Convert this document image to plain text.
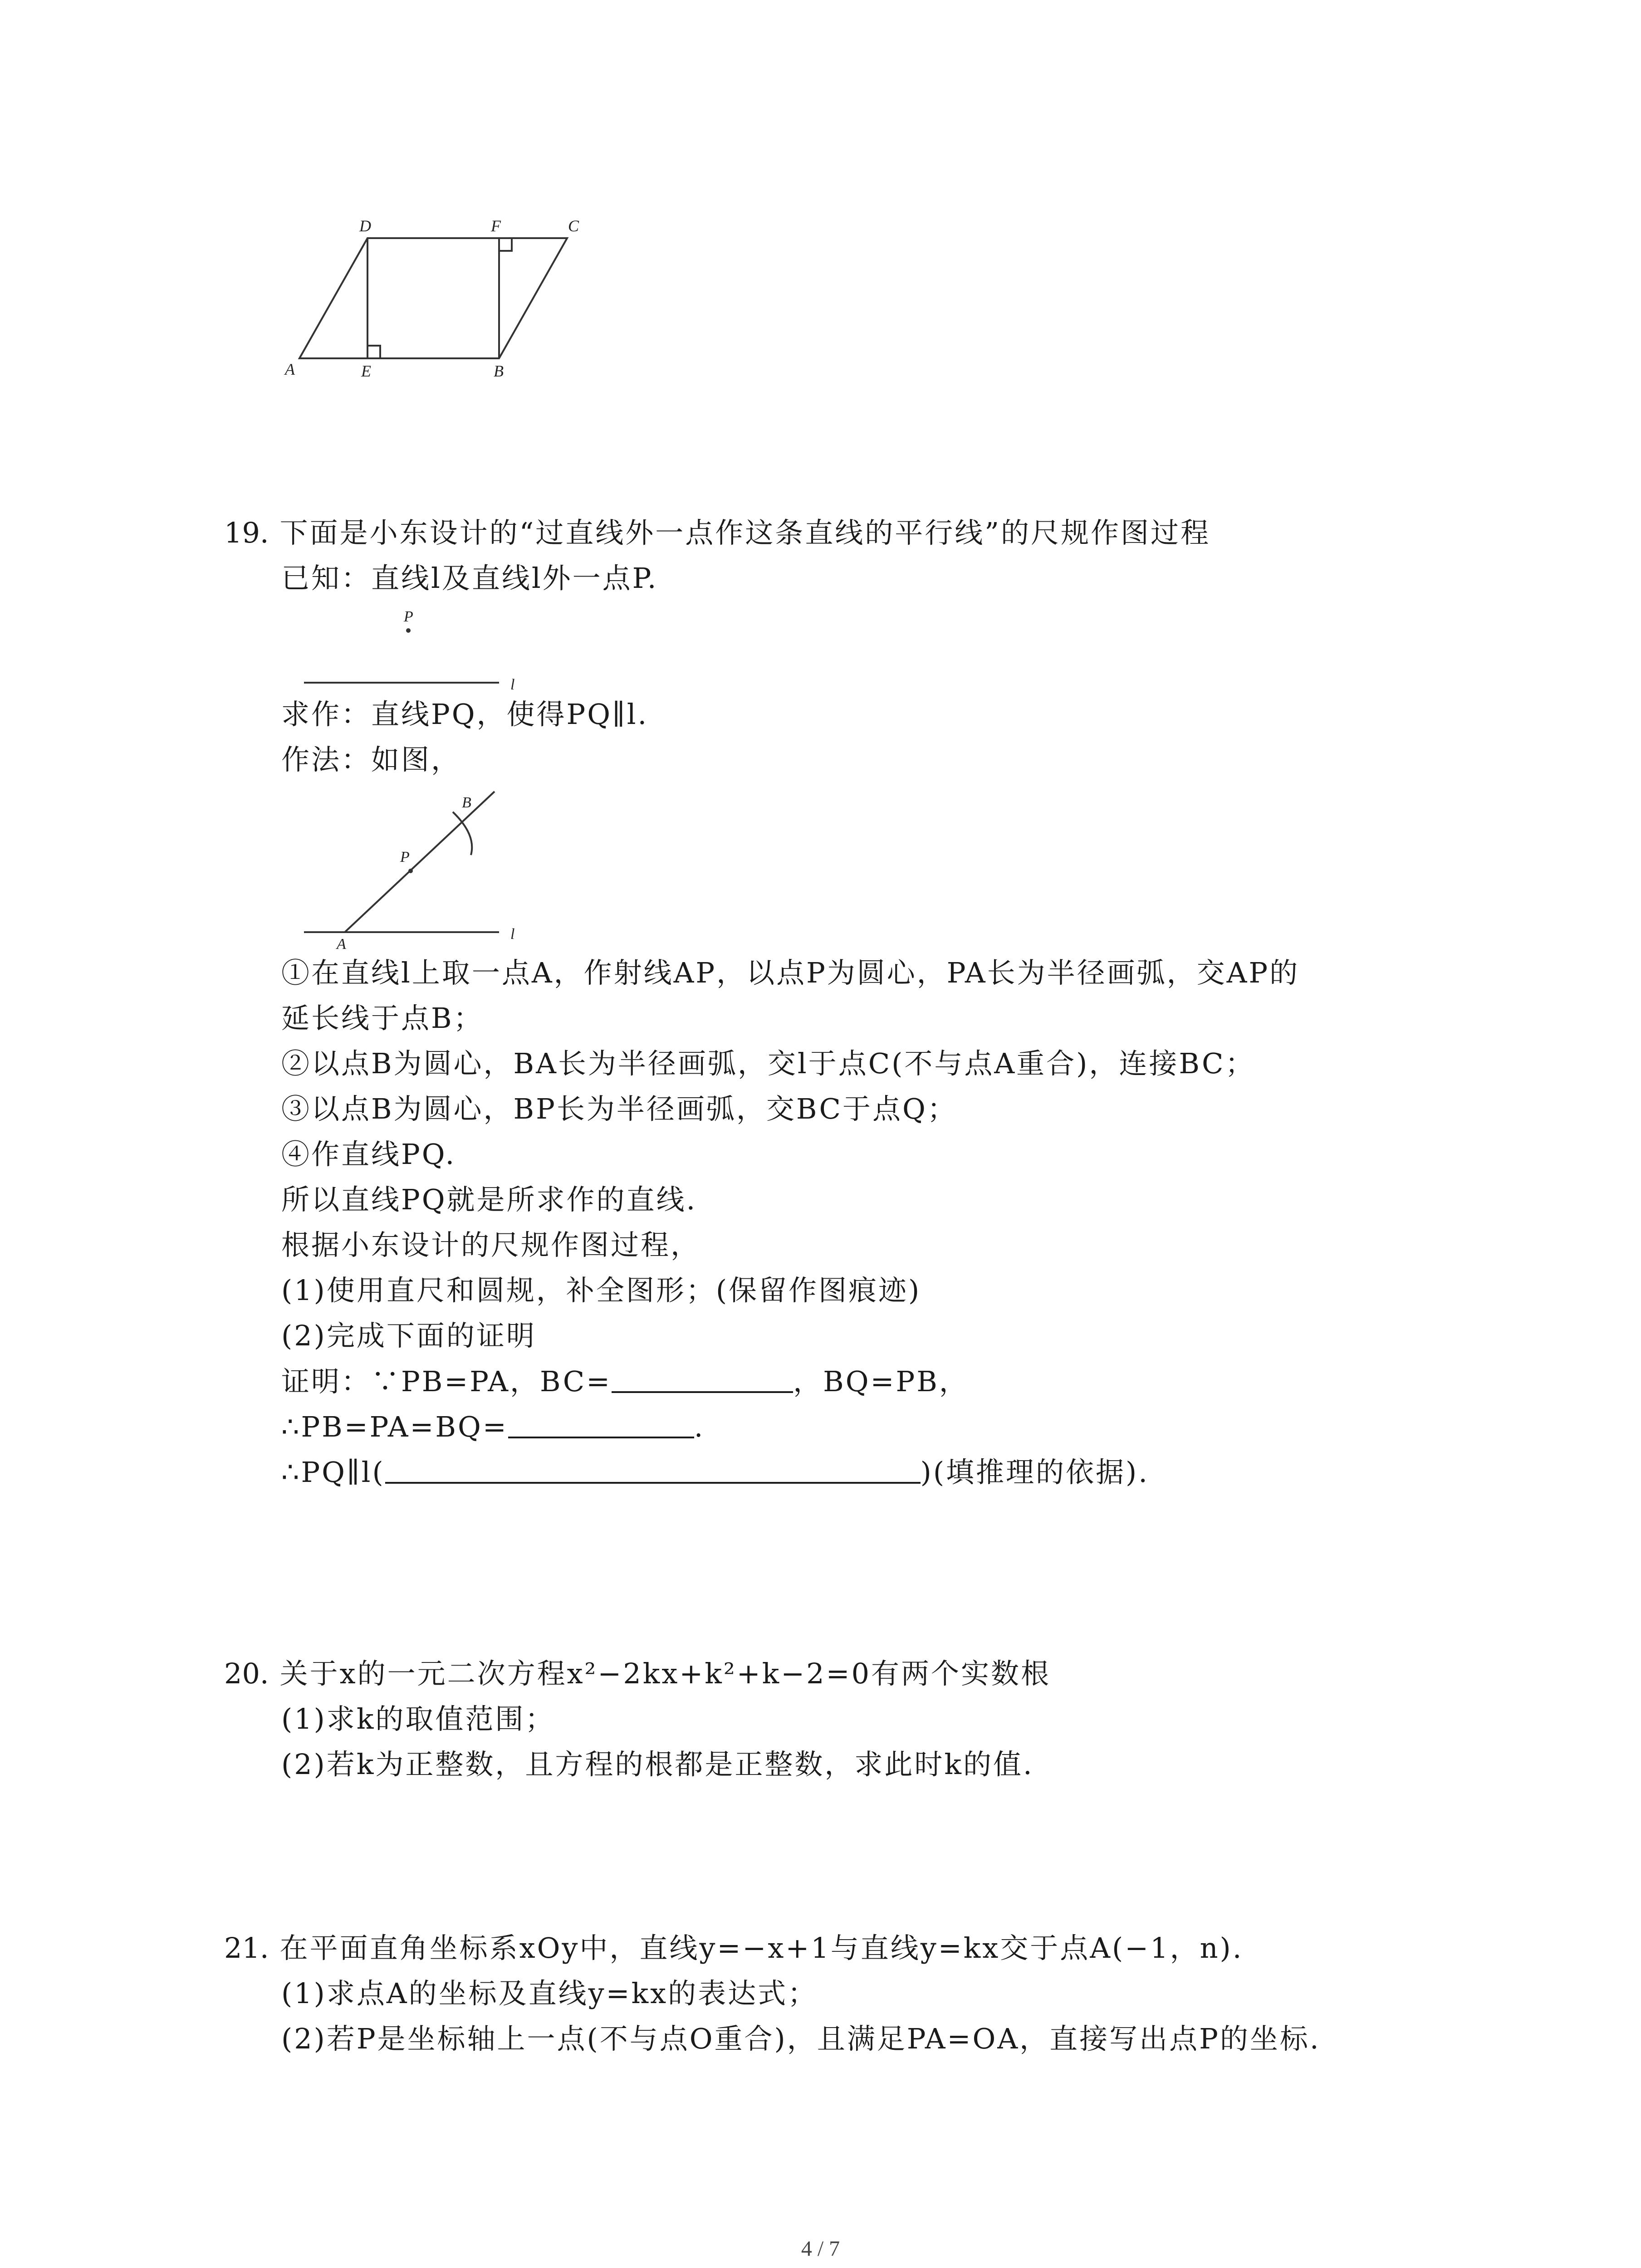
D	F	C
A	E	B
19. 下面是小东设计的“过直线外一点作这条直线的平行线”的尺规作图过程
已知：直线l及直线l外一点P.
P
l
求作：直线PQ，使得PQ∥l.
作法：如图，
B
P
A
l
①在直线l上取一点A，作射线AP，以点P为圆心，PA长为半径画弧，交AP的
延长线于点B；
②以点B为圆心，BA长为半径画弧，交l于点C(不与点A重合)，连接BC；
③以点B为圆心，BP长为半径画弧，交BC于点Q；
④作直线PQ.
所以直线PQ就是所求作的直线.
根据小东设计的尺规作图过程，
(1)使用直尺和圆规，补全图形；(保留作图痕迹)
(2)完成下面的证明
证明：∵PB=PA，BC=	，BQ=PB，
∴PB=PA=BQ=	.
∴PQ∥l(	)(填推理的依据).
20. 关于x的一元二次方程x²−2kx+k²+k−2=0有两个实数根
(1)求k的取值范围；
(2)若k为正整数，且方程的根都是正整数，求此时k的值.
21. 在平面直角坐标系xOy中，直线y=−x+1与直线y=kx交于点A(−1，n).
(1)求点A的坐标及直线y=kx的表达式；
(2)若P是坐标轴上一点(不与点O重合)，且满足PA=OA，直接写出点P的坐标.
4 / 7
